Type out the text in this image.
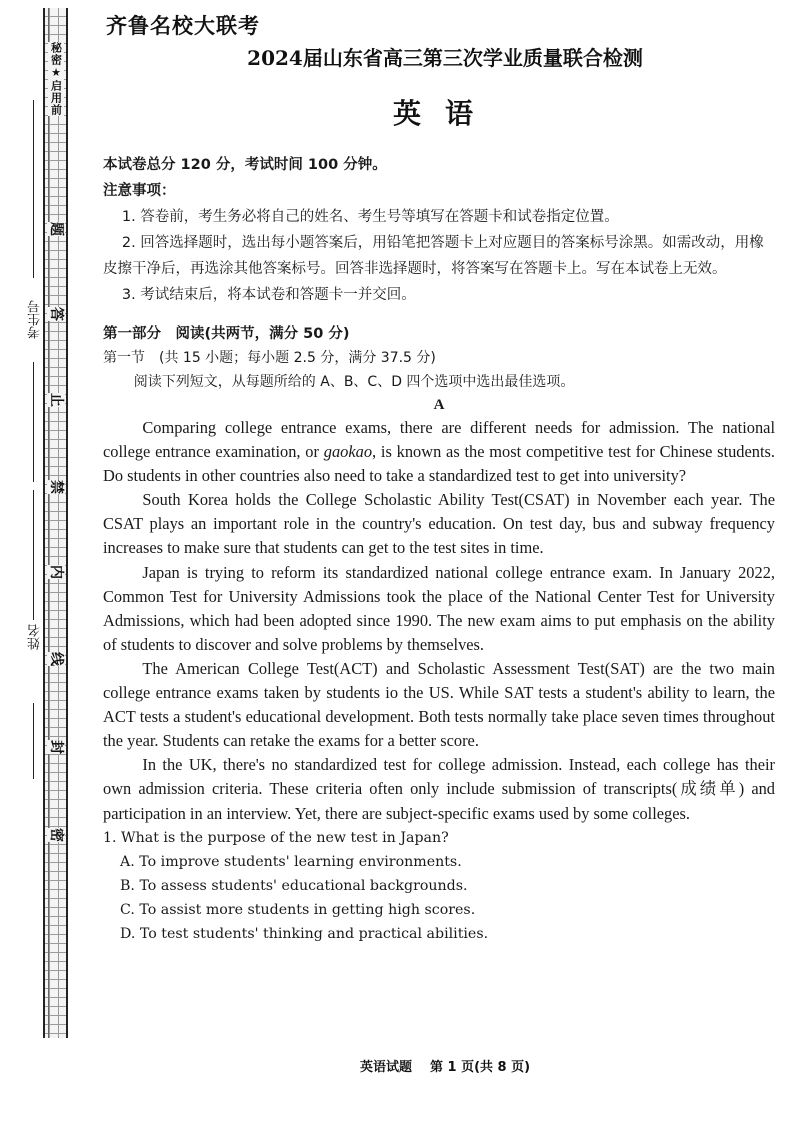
考生号
姓名
秘密★启用前
题
答
止
禁
内
线
封
密
齐鲁名校大联考
2024届山东省高三第三次学业质量联合检测
英语
本试卷总分 120 分，考试时间 100 分钟。
注意事项：
1. 答卷前，考生务必将自己的姓名、考生号等填写在答题卡和试卷指定位置。
2. 回答选择题时，选出每小题答案后，用铅笔把答题卡上对应题目的答案标号涂黑。如需改动，用橡皮擦干净后，再选涂其他答案标号。回答非选择题时，将答案写在答题卡上。写在本试卷上无效。
3. 考试结束后，将本试卷和答题卡一并交回。
第一部分　阅读(共两节，满分 50 分)
第一节　(共 15 小题；每小题 2.5 分，满分 37.5 分)
阅读下列短文，从每题所给的 A、B、C、D 四个选项中选出最佳选项。
A

Comparing college entrance exams, there are different needs for admission. The national college entrance examination, or gaokao, is known as the most competitive test for Chinese students. Do students in other countries also need to take a standardized test to get into university?

South Korea holds the College Scholastic Ability Test(CSAT) in November each year. The CSAT plays an important role in the country's education. On test day, bus and subway frequency increases to make sure that students can get to the test sites in time.

Japan is trying to reform its standardized national college entrance exam. In January 2022, Common Test for University Admissions took the place of the National Center Test for University Admissions, which had been adopted since 1990. The new exam aims to put emphasis on the ability of students to discover and solve problems by themselves.

The American College Test(ACT) and Scholastic Assessment Test(SAT) are the two main college entrance exams taken by students io the US. While SAT tests a student's ability to learn, the ACT tests a student's educational development. Both tests normally take place seven times throughout the year. Students can retake the exams for a better score.

In the UK, there's no standardized test for college admission. Instead, each college has their own admission criteria. These criteria often only include submission of transcripts(成绩单) and participation in an interview. Yet, there are subject-specific exams used by some colleges.

1. What is the purpose of the new test in Japan?

A. To improve students' learning environments.

B. To assess students' educational backgrounds.

C. To assist more students in getting high scores.

D. To test students' thinking and practical abilities.

英语试题 第 1 页(共 8 页)
